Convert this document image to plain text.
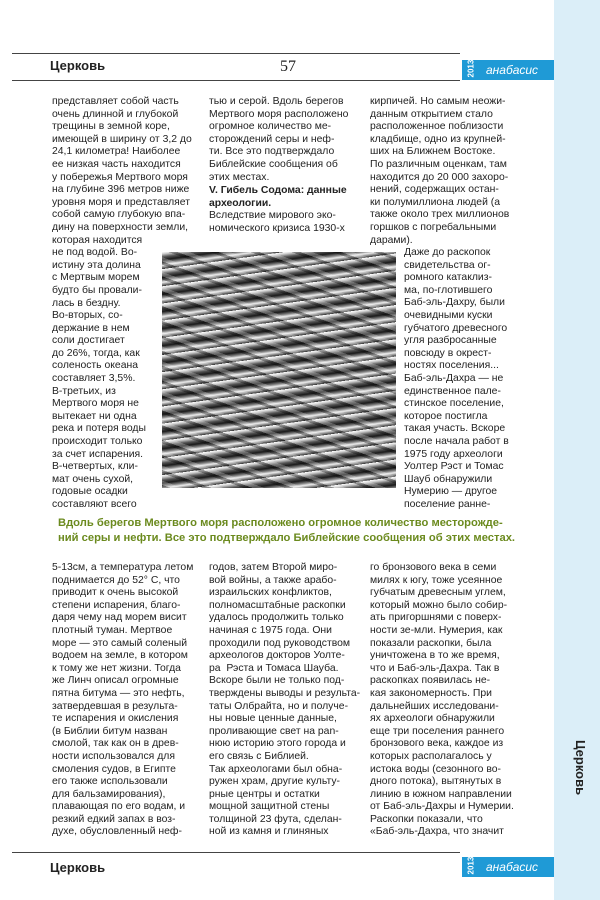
Церковь
Церковь	57	2013 анабасис
представляет собой часть
очень длинной и глубокой
трещины в земной коре,
имеющей в ширину от 3,2 до
24,1 километра! Наиболее
ее низкая часть находится
у побережья Мертвого моря
на глубине 396 метров ниже
уровня моря и представляет
собой самую глубокую впа-
дину на поверхности земли,
которая находится
не под водой. Во-
истину эта долина
с Мертвым морем
будто бы провали-
лась в бездну.
Во-вторых, со-
держание в нем
соли достигает
до 26%, тогда, как
соленость океана
составляет 3,5%.
В-третьих, из
Мертвого моря не
вытекает ни одна
река и потеря воды
происходит только
за счет испарения.
В-четвертых, кли-
мат очень сухой,
годовые осадки
составляют всего
тью и серой. Вдоль берегов
Мертвого моря расположено
огромное количество ме-
сторождений серы и неф-
ти. Все это подтверждало
Библейские сообщения об
этих местах.
V. Гибель Содома: данные
археологии.
Вследствие мирового эко-
номического кризиса 1930-х
кирпичей. Но самым неожи-
данным открытием стало
расположенное поблизости
кладбище, одно из крупней-
ших на Ближнем Востоке.
По различным оценкам, там
находится до 20 000 захоро-
нений, содержащих остан-
ки полумиллиона людей (а
также около трех миллионов
горшков с погребальными
дарами).
Даже до раскопок
свидетельства ог-
ромного катаклиз-
ма, по-глотившего
Баб-эль-Дахру, были
очевидными куски
губчатого древесного
угля разбросанные
повсюду в окрест-
ностях поселения...
Баб-эль-Дахра — не
единственное пале-
стинское поселение,
которое постигла
такая участь. Вскоре
после начала работ в
1975 году археологи
Уолтер Рэст и Томас
Шауб обнаружили
Нумерию — другое
поселение ранне-
Вдоль берегов Мертвого моря расположено огромное количество месторожде-
ний серы и нефти. Все это подтверждало Библейские сообщения об этих местах.
5-13см, а температура летом
поднимается до 52° С, что
приводит к очень высокой
степени испарения, благо-
даря чему над морем висит
плотный туман. Мертвое
море — это самый соленый
водоем на земле, в котором
к тому же нет жизни. Тогда
же Линч описал огромные
пятна битума — это нефть,
затвердевшая в результа-
те испарения и окисления
(в Библии битум назван
смолой, так как он в древ-
ности использовался для
смоления судов, в Египте
его также использовали
для бальзамирования),
плавающая по его водам, и
резкий едкий запах в воз-
духе, обусловленный неф-
годов, затем Второй миро-
вой войны, а также арабо-
израильских конфликтов,
полномасштабные раскопки
удалось продолжить только
начиная с 1975 года. Они
проходили под руководством
археологов докторов Уолте-
ра  Рэста и Томаса Шауба.
Вскоре были не только под-
тверждены выводы и результа-
таты Олбрайта, но и получе-
ны новые ценные данные,
проливающие свет на раn-
нюю историю этого города и
его связь с Библией.
Так археологами был обна-
ружен храм, другие культу-
рные центры и остатки
мощной защитной стены
толщиной 23 фута, сделан-
ной из камня и глиняных
го бронзового века в семи
милях к югу, тоже усеянное
губчатым древесным углем,
который можно было собир-
ать пригоршнями с поверх-
ности зе-мли. Нумерия, как
показали раскопки, была
уничтожена в то же время,
что и Баб-эль-Дахра. Так в
раскопках появилась не-
кая закономерность. При
дальнейших исследовани-
ях археологи обнаружили
еще три поселения раннего
бронзового века, каждое из
которых располагалось у
истока воды (сезонного во-
дного потока), вытянутых в
линию в южном направлении
от Баб-эль-Дахры и Нумерии.
Раскопки показали, что
«Баб-эль-Дахра, что значит
Церковь	2013 анабасис
